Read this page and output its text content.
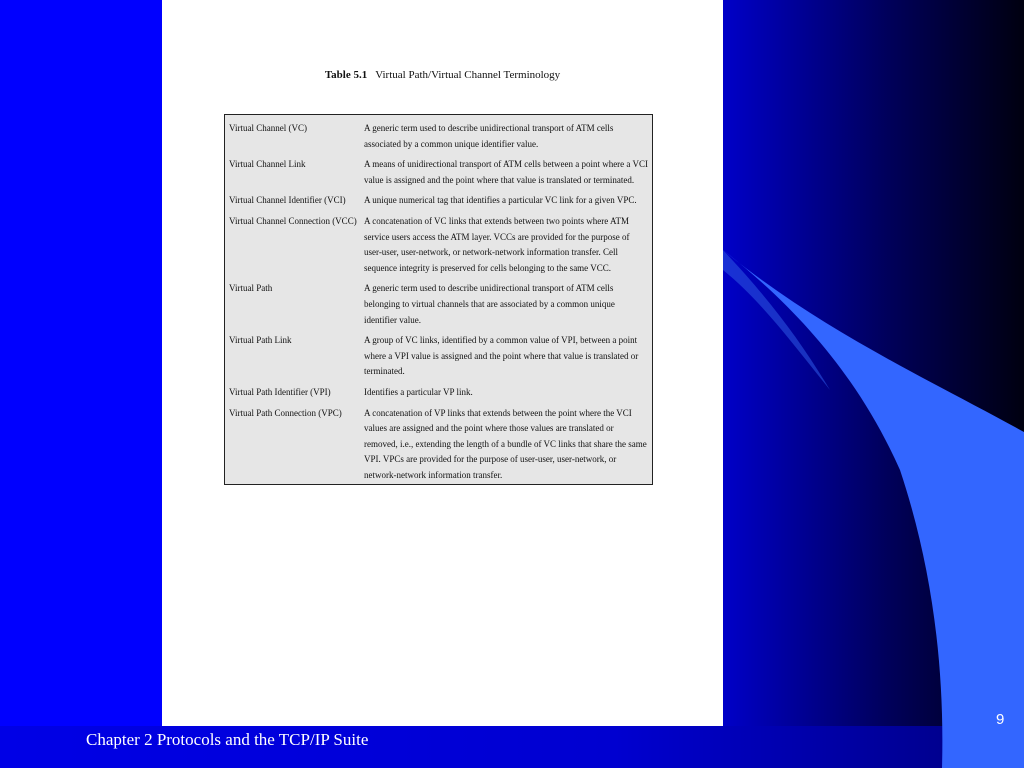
Table 5.1 Virtual Path/Virtual Channel Terminology
Virtual Channel (VC)	A generic term used to describe unidirectional transport of ATM cells associated by a common unique identifier value.
Virtual Channel Link	A means of unidirectional transport of ATM cells between a point where a VCI value is assigned and the point where that value is translated or terminated.
Virtual Channel Identifier (VCI)	A unique numerical tag that identifies a particular VC link for a given VPC.
Virtual Channel Connection (VCC)	A concatenation of VC links that extends between two points where ATM service users access the ATM layer. VCCs are provided for the purpose of user-user, user-network, or network-network information transfer. Cell sequence integrity is preserved for cells belonging to the same VCC.
Virtual Path	A generic term used to describe unidirectional transport of ATM cells belonging to virtual channels that are associated by a common unique identifier value.
Virtual Path Link	A group of VC links, identified by a common value of VPI, between a point where a VPI value is assigned and the point where that value is translated or terminated.
Virtual Path Identifier (VPI)	Identifies a particular VP link.
Virtual Path Connection (VPC)	A concatenation of VP links that extends between the point where the VCI values are assigned and the point where those values are translated or removed, i.e., extending the length of a bundle of VC links that share the same VPI. VPCs are provided for the purpose of user-user, user-network, or network-network information transfer.
Chapter 2 Protocols and the TCP/IP Suite
9
